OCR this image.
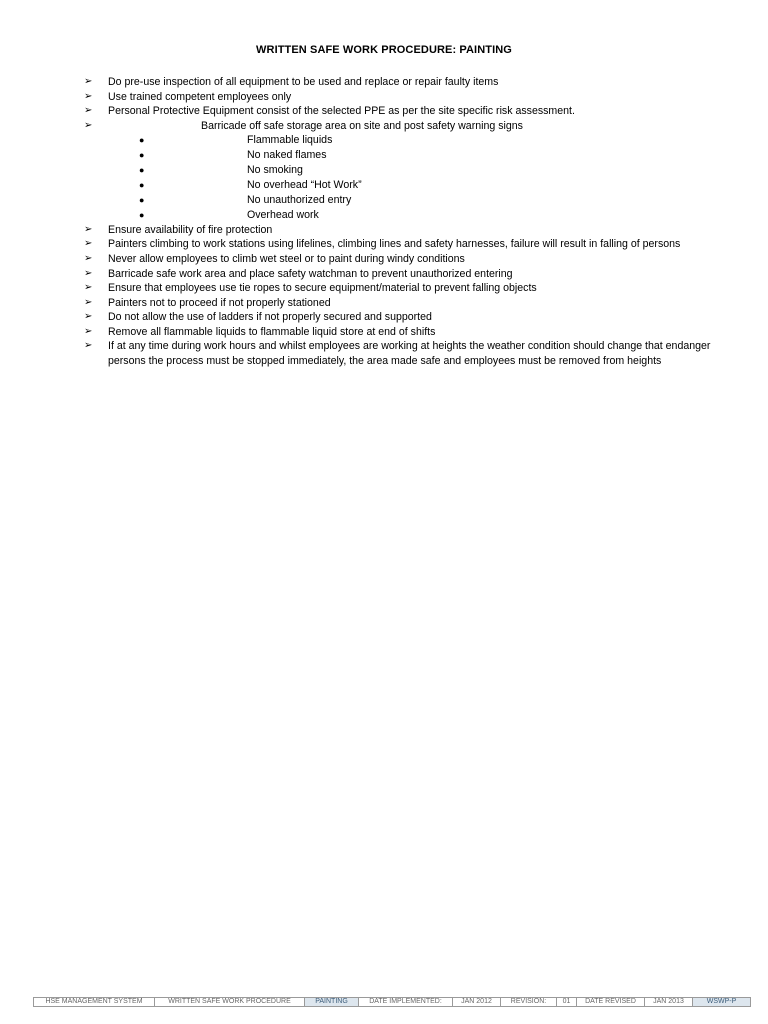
WRITTEN SAFE WORK PROCEDURE: PAINTING
➢	Do pre-use inspection of all equipment to be used and replace or repair faulty items
➢	Use trained competent employees only
➢	Personal Protective Equipment consist of the selected PPE as per the site specific risk assessment.
➢	Barricade off safe storage area on site and post safety warning signs
●	Flammable liquids
●	No naked flames
●	No smoking
●	No overhead “Hot Work”
●	No unauthorized entry
●	Overhead work
➢	Ensure availability of fire protection
➢	Painters climbing to work stations using lifelines, climbing lines and safety harnesses, failure will result in falling of persons
➢	Never allow employees to climb wet steel or to paint during windy conditions
➢	Barricade safe work area and place safety watchman to prevent unauthorized entering
➢	Ensure that employees use tie ropes to secure equipment/material to prevent falling objects
➢	Painters not to proceed if not properly stationed
➢	Do not allow the use of ladders if not properly secured and supported
➢	Remove all flammable liquids to flammable liquid store at end of shifts
➢	If at any time during work hours and whilst employees are working at heights the weather condition should change that endanger persons the process must be stopped immediately, the area made safe and employees must be removed from heights
HSE MANAGEMENT SYSTEM	WRITTEN SAFE WORK PROCEDURE	PAINTING	DATE IMPLEMENTED:	JAN 2012	REVISION:	01	DATE REVISED	JAN 2013	WSWP-P
